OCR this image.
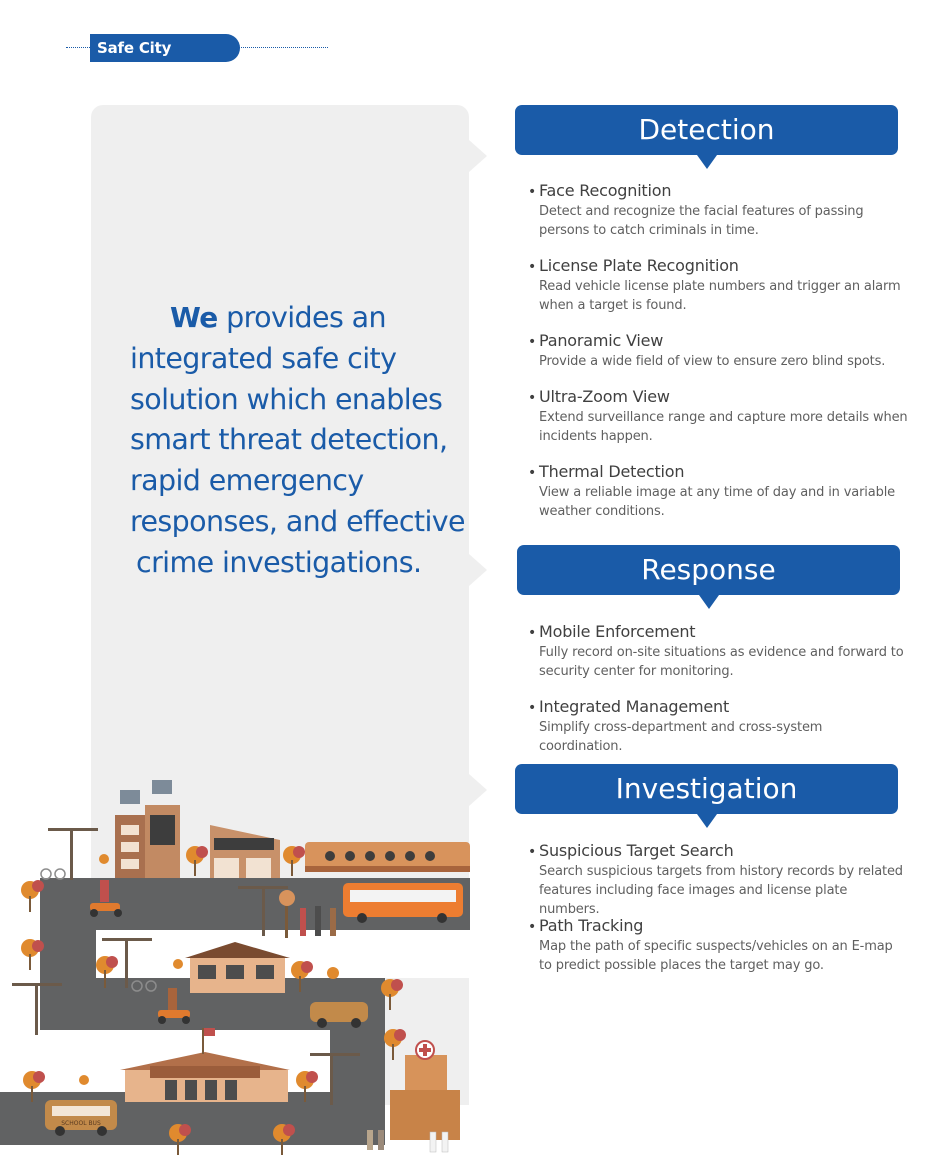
Safe City Solution
We provides an
integrated safe city
solution which enables
smart threat detection,
rapid emergency
responses, and effective
crime investigations.
Detection
• Face Recognition
Detect and recognize the facial features of passing
persons to catch criminals in time.
• License Plate Recognition
Read vehicle license plate numbers and trigger an alarm
when a target is found.
• Panoramic View
Provide a wide field of view to ensure zero blind spots.
• Ultra-Zoom View
Extend surveillance range and capture more details when
incidents happen.
• Thermal Detection
View a reliable image at any time of day and in variable
weather conditions.
Response
• Mobile Enforcement
Fully record on-site situations as evidence and forward to
security center for monitoring.
• Integrated Management
Simplify cross-department and cross-system coordination.
Investigation
• Suspicious Target Search
Search suspicious targets from history records by related
features including face images and license plate numbers.
• Path Tracking
Map the path of specific suspects/vehicles on an E-map
to predict possible places the target may go.
SCHOOL BUS
